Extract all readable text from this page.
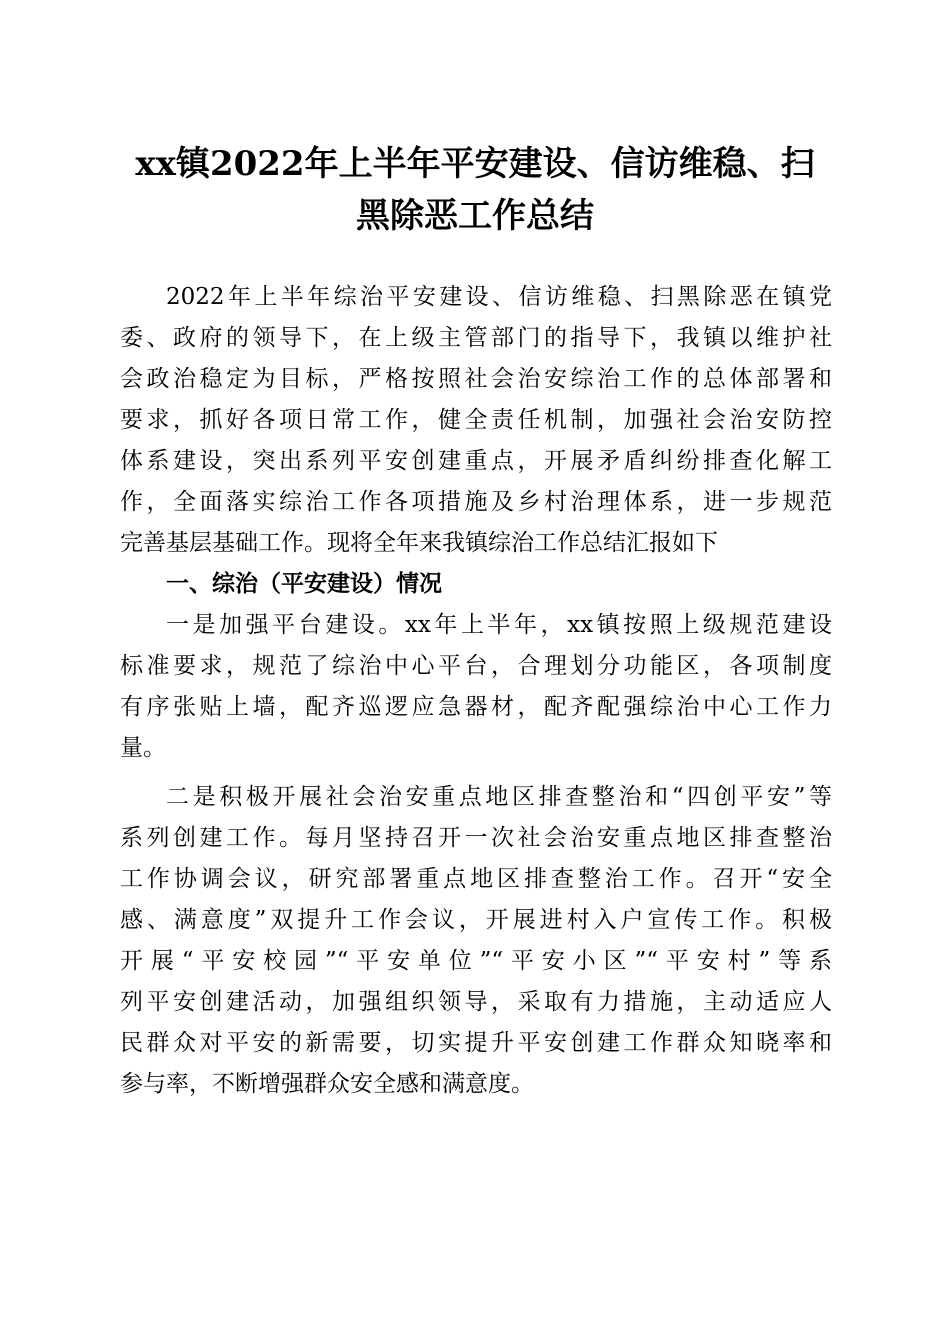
xx镇2022年上半年平安建设、信访维稳、扫
黑除恶工作总结
2022年上半年综治平安建设、信访维稳、扫黑除恶在镇党
委、政府的领导下，在上级主管部门的指导下，我镇以维护社
会政治稳定为目标，严格按照社会治安综治工作的总体部署和
要求，抓好各项日常工作，健全责任机制，加强社会治安防控
体系建设，突出系列平安创建重点，开展矛盾纠纷排查化解工
作，全面落实综治工作各项措施及乡村治理体系，进一步规范
完善基层基础工作。现将全年来我镇综治工作总结汇报如下
一、综治（平安建设）情况
一是加强平台建设。xx年上半年，xx镇按照上级规范建设
标准要求，规范了综治中心平台，合理划分功能区，各项制度
有序张贴上墙，配齐巡逻应急器材，配齐配强综治中心工作力
量。
二是积极开展社会治安重点地区排查整治和“四创平安”等
系列创建工作。每月坚持召开一次社会治安重点地区排查整治
工作协调会议，研究部署重点地区排查整治工作。召开“安全
感、满意度”双提升工作会议，开展进村入户宣传工作。积极
开展“平安校园”“平安单位”“平安小区”“平安村”等系
列平安创建活动，加强组织领导，采取有力措施，主动适应人
民群众对平安的新需要，切实提升平安创建工作群众知晓率和
参与率，不断增强群众安全感和满意度。
